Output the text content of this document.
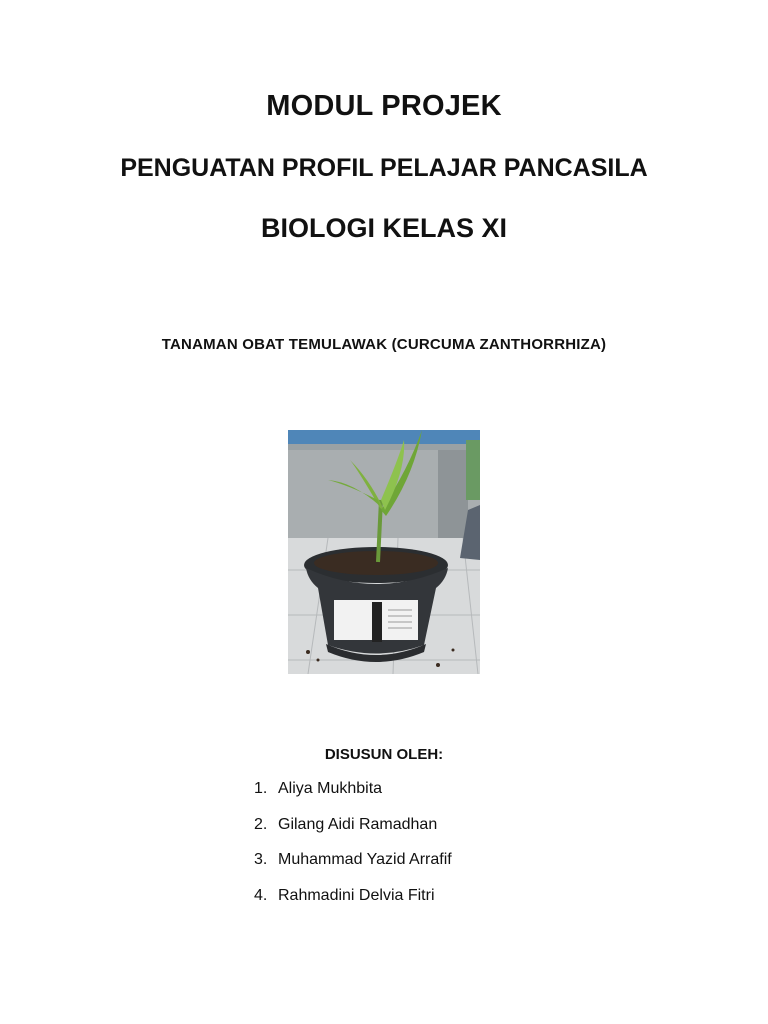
MODUL PROJEK
PENGUATAN PROFIL PELAJAR PANCASILA
BIOLOGI KELAS XI
TANAMAN OBAT TEMULAWAK (CURCUMA ZANTHORRHIZA)
DISUSUN OLEH:
1. Aliya Mukhbita
2. Gilang Aidi Ramadhan
3. Muhammad Yazid Arrafif
4. Rahmadini Delvia Fitri
